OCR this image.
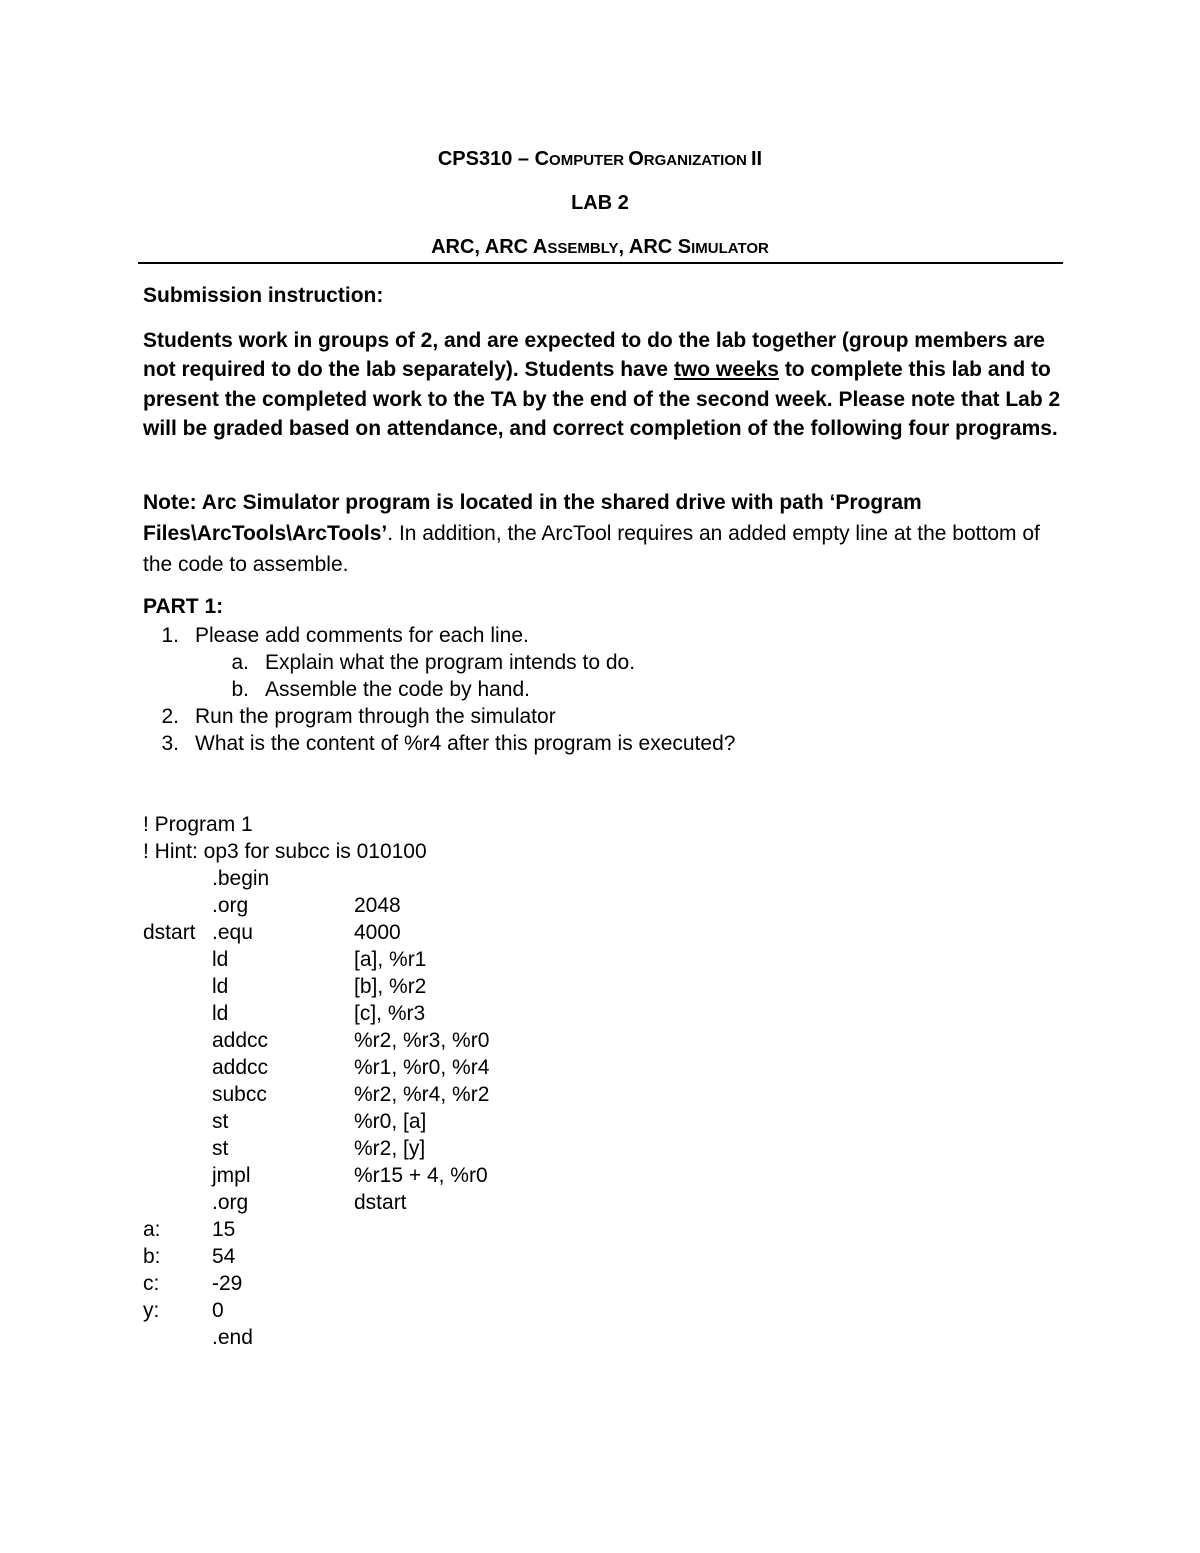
CPS310 – COMPUTER ORGANIZATION II
LAB 2
ARC, ARC ASSEMBLY, ARC SIMULATOR
Submission instruction:
Students work in groups of 2, and are expected to do the lab together (group members are not required to do the lab separately). Students have two weeks to complete this lab and to present the completed work to the TA by the end of the second week. Please note that Lab 2 will be graded based on attendance, and correct completion of the following four programs.
Note: Arc Simulator program is located in the shared drive with path ‘Program Files\ArcTools\ArcTools’. In addition, the ArcTool requires an added empty line at the bottom of the code to assemble.
PART 1:
1. Please add comments for each line.
a. Explain what the program intends to do.
b. Assemble the code by hand.
2. Run the program through the simulator
3. What is the content of %r4 after this program is executed?
! Program 1
! Hint: op3 for subcc is 010100
.begin
.org	2048
dstart .equ	4000
ld	[a], %r1
ld	[b], %r2
ld	[c], %r3
addcc	%r2, %r3, %r0
addcc	%r1, %r0, %r4
subcc	%r2, %r4, %r2
st	%r0, [a]
st	%r2, [y]
jmpl	%r15 + 4, %r0
.org	dstart
a: 15
b: 54
c:	-29
y:	0
.end
